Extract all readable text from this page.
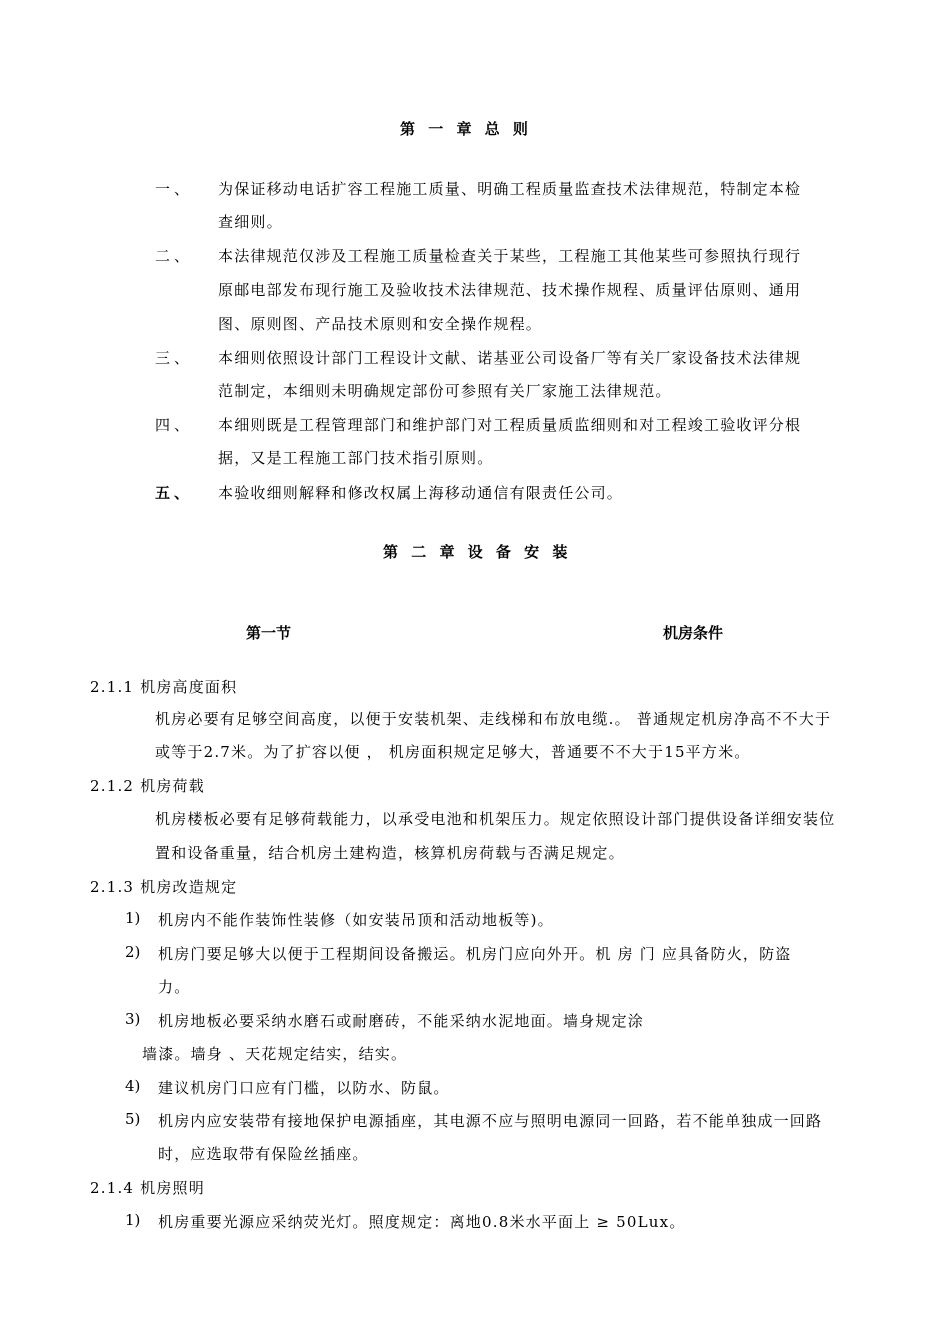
第 一 章 总 则
一、 为保证移动电话扩容工程施工质量、明确工程质量监查技术法律规范，特制定本检
查细则。
二、 本法律规范仅涉及工程施工质量检查关于某些，工程施工其他某些可参照执行现行
原邮电部发布现行施工及验收技术法律规范、技术操作规程、质量评估原则、通用
图、原则图、产品技术原则和安全操作规程。
三、 本细则依照设计部门工程设计文献、诺基亚公司设备厂等有关厂家设备技术法律规
范制定，本细则未明确规定部份可参照有关厂家施工法律规范。
四、 本细则既是工程管理部门和维护部门对工程质量质监细则和对工程竣工验收评分根
据，又是工程施工部门技术指引原则。
五、 本验收细则解释和修改权属上海移动通信有限责任公司。
第 二 章 设 备 安 装
第一节	机房条件
2.1.1 机房高度面积
机房必要有足够空间高度，以便于安装机架、走线梯和布放电缆.。 普通规定机房净高不不大于
或等于2.7米。为了扩容以便 ， 机房面积规定足够大，普通要不不大于15平方米。
2.1.2 机房荷载
机房楼板必要有足够荷载能力，以承受电池和机架压力。规定依照设计部门提供设备详细安装位
置和设备重量，结合机房土建构造，核算机房荷载与否满足规定。
2.1.3 机房改造规定
1) 机房内不能作装饰性装修（如安装吊顶和活动地板等)。
2) 机房门要足够大以便于工程期间设备搬运。机房门应向外开。机 房 门 应具备防火，防盗
力。
3) 机房地板必要采纳水磨石或耐磨砖，不能采纳水泥地面。墙身规定涂
墙漆。墙身 、天花规定结实，结实。
4) 建议机房门口应有门槛，以防水、防鼠。
5) 机房内应安装带有接地保护电源插座，其电源不应与照明电源同一回路，若不能单独成一回路
时，应选取带有保险丝插座。
2.1.4 机房照明
1) 机房重要光源应采纳荧光灯。照度规定：离地0.8米水平面上 ≥ 50Lux。
